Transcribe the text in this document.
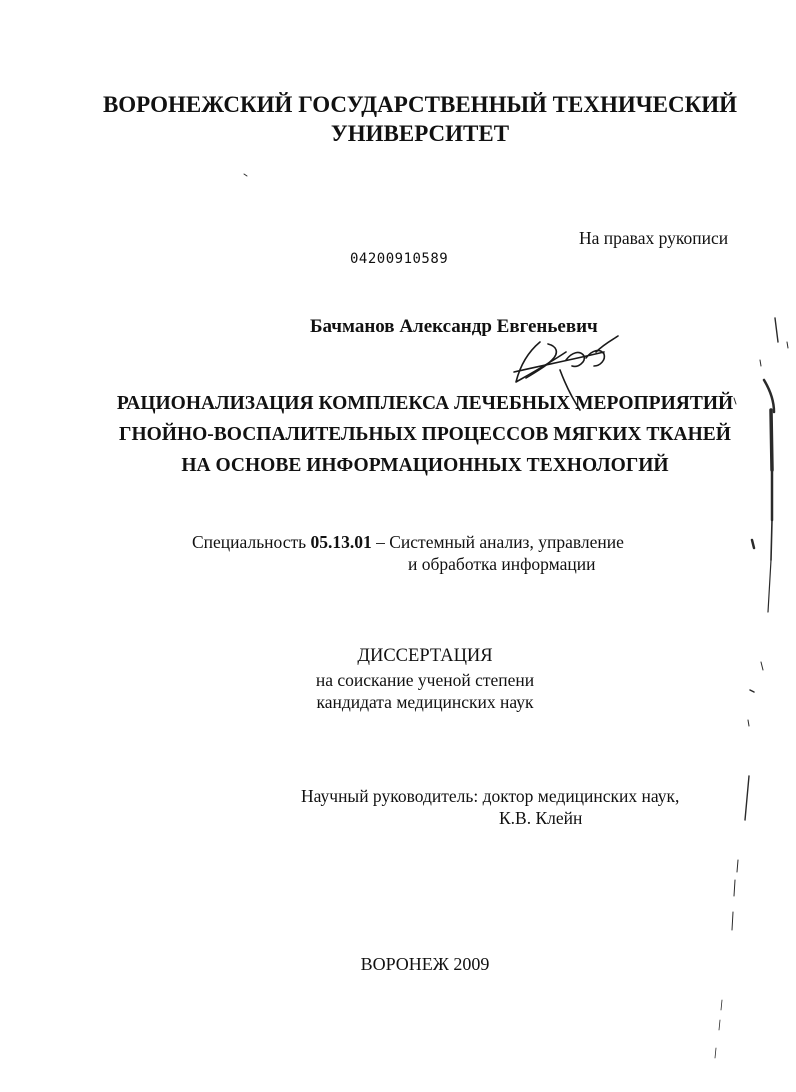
ВОРОНЕЖСКИЙ ГОСУДАРСТВЕННЫЙ ТЕХНИЧЕСКИЙ
УНИВЕРСИТЕТ
На правах рукописи
04200910589
Бачманов Александр Евгеньевич
РАЦИОНАЛИЗАЦИЯ КОМПЛЕКСА ЛЕЧЕБНЫХ МЕРОПРИЯТИЙ
ГНОЙНО-ВОСПАЛИТЕЛЬНЫХ ПРОЦЕССОВ МЯГКИХ ТКАНЕЙ
НА ОСНОВЕ ИНФОРМАЦИОННЫХ ТЕХНОЛОГИЙ
Специальность 05.13.01 – Системный анализ, управление
и обработка информации
ДИССЕРТАЦИЯ
на соискание ученой степени
кандидата медицинских наук
Научный руководитель: доктор медицинских наук,
К.В. Клейн
ВОРОНЕЖ 2009
